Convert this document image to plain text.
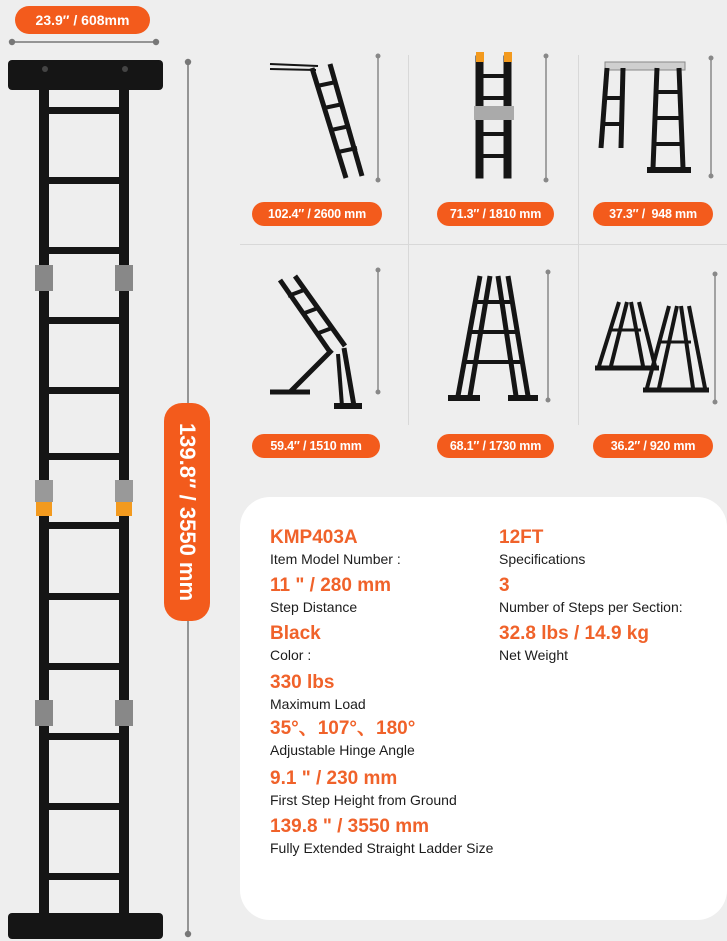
23.9″ / 608mm
139.8″ / 3550 mm
102.4″ / 2600 mm	71.3″ / 1810 mm	37.3″ /  948 mm
59.4″ / 1510 mm	68.1″ / 1730 mm	36.2″ / 920 mm
KMP403A
Item Model Number :
12FT
Specifications
11 " / 280 mm
Step Distance
3
Number of Steps per Section:
Black
Color :
32.8 lbs / 14.9 kg
Net Weight
330 lbs
Maximum Load
35°、107°、180°
Adjustable Hinge Angle
9.1 " / 230 mm
First Step Height from Ground
139.8 " / 3550 mm
Fully Extended Straight Ladder Size
